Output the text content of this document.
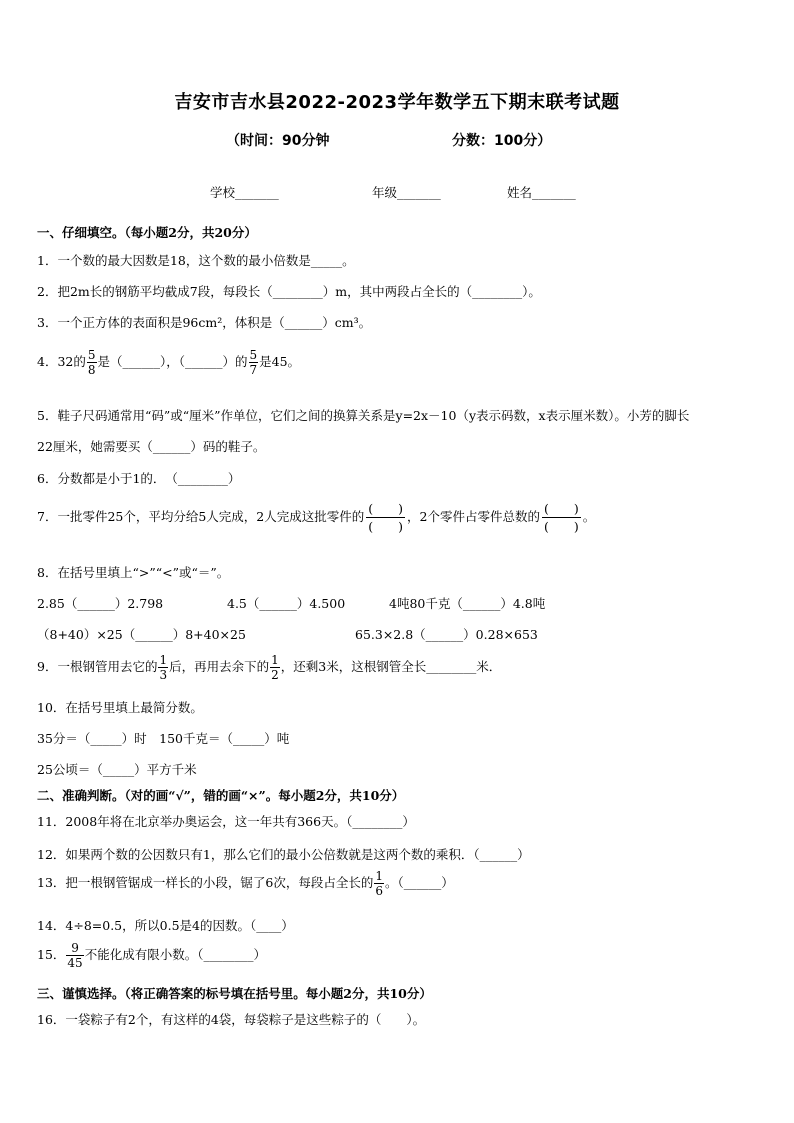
吉安市吉水县2022-2023学年数学五下期末联考试题
（时间：90分钟	分数：100分）
学校_______	年级_______	姓名_______
一、仔细填空。（每小题2分，共20分）
1．一个数的最大因数是18，这个数的最小倍数是_____。
2．把2m长的钢筋平均截成7段，每段长（________）m，其中两段占全长的（________）。
3．一个正方体的表面积是96cm²，体积是（______）cm³。
4．32的 $\frac{5}{8}$ 是（______），（______）的 $\frac{5}{7}$ 是45。
5．鞋子尺码通常用“码”或“厘米”作单位，它们之间的换算关系是y=2x－10（y表示码数，x表示厘米数）。小芳的脚长
22厘米，她需要买（______）码的鞋子。
6．分数都是小于1的．　（________）
7．一批零件25个，平均分给5人完成，2人完成这批零件的 $\frac{( )}{( )}$ ，2个零件占零件总数的 $\frac{( )}{( )}$ 。
8．在括号里填上“>”“<”或“＝”。
2.85（______）2.798	4.5（______）4.500	4吨80千克（______）4.8吨
（8+40）×25（______）8+40×25	65.3×2.8（______）0.28×653
9．一根钢管用去它的 $\frac{1}{3}$ 后，再用去余下的 $\frac{1}{2}$ ，还剩3米，这根钢管全长________米．
10．在括号里填上最简分数。
35分＝（_____）时　150千克＝（_____）吨
25公顷＝（_____）平方千米
二、准确判断。（对的画“√”，错的画“×”。每小题2分，共10分）
11．2008年将在北京举办奥运会，这一年共有366天。（________）
12．如果两个数的公因数只有1，那么它们的最小公倍数就是这两个数的乘积．（______）
13．把一根钢管锯成一样长的小段，锯了6次，每段占全长的 $\frac{1}{6}$ 。（______）
14．4÷8=0.5，所以0.5是4的因数。（____）
15． $\frac{9}{45}$ 不能化成有限小数。（________）
三、谨慎选择。（将正确答案的标号填在括号里。每小题2分，共10分）
16．一袋粽子有2个，有这样的4袋，每袋粽子是这些粽子的（　　）。
